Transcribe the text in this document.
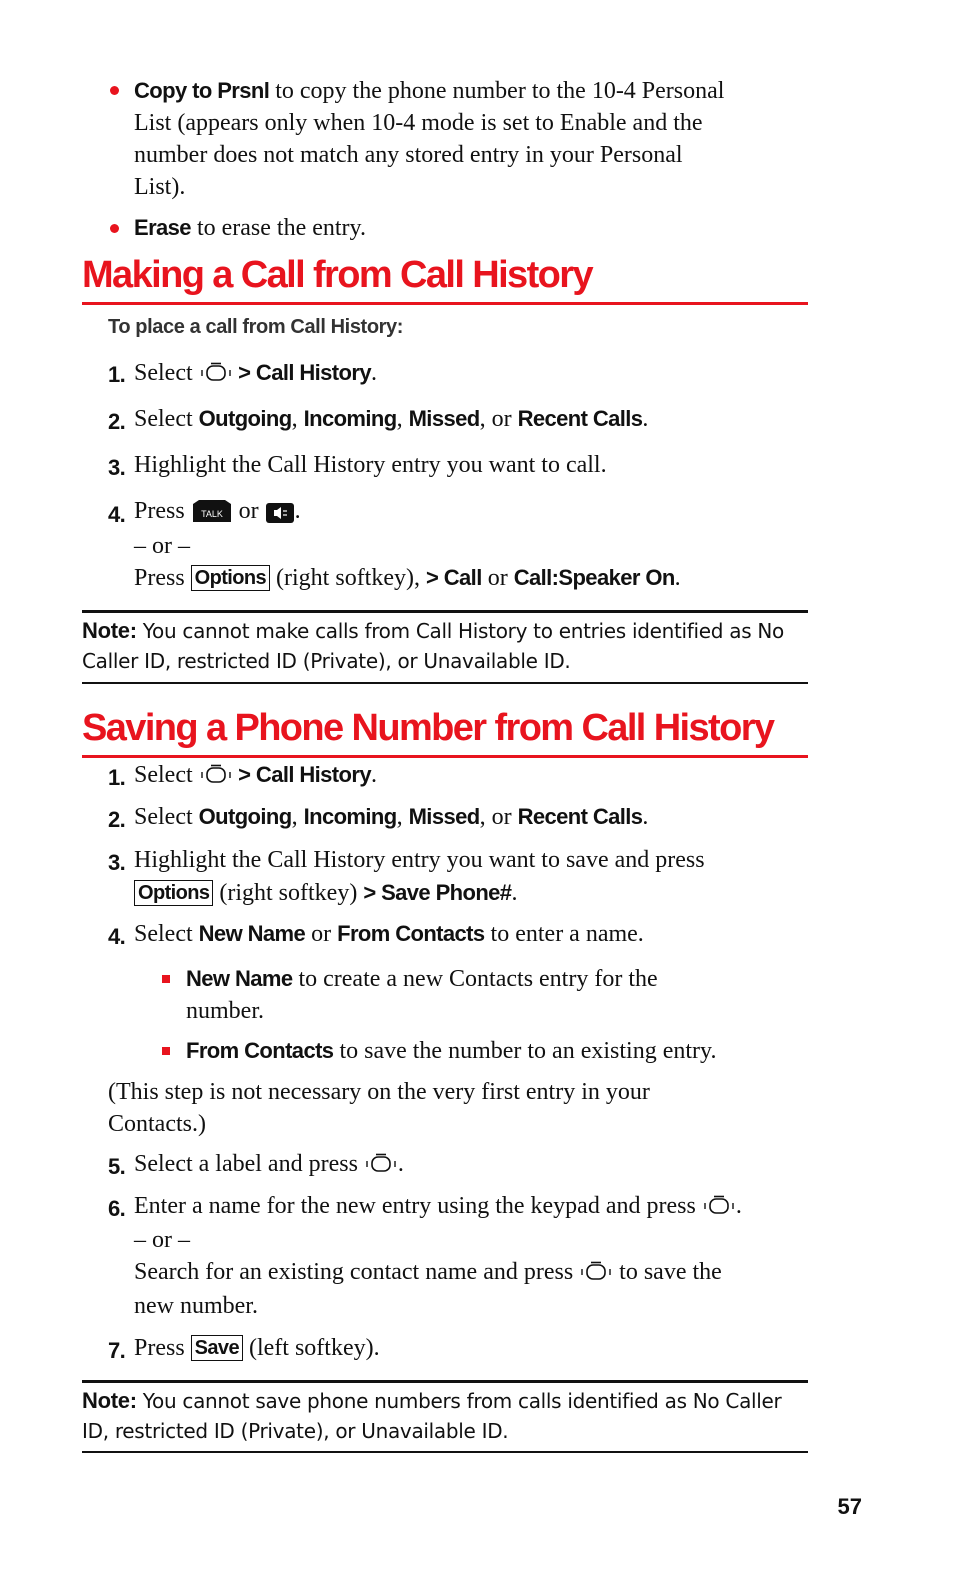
Copy to Prsnl to copy the phone number to the 10-4 Personal
List (appears only when 10-4 mode is set to Enable and the
number does not match any stored entry in your Personal
List).
Erase to erase the entry.
Making a Call from Call History
To place a call from Call History:
1. Select  > Call History.
2. Select Outgoing, Incoming, Missed, or Recent Calls.
3. Highlight the Call History entry you want to call.
4. Press TALK or .
– or –
Press Options (right softkey), > Call or Call:Speaker On.
Note: You cannot make calls from Call History to entries identified as No
Caller ID, restricted ID (Private), or Unavailable ID.
Saving a Phone Number from Call History
1. Select  > Call History.
2. Select Outgoing, Incoming, Missed, or Recent Calls.
3. Highlight the Call History entry you want to save and press
Options (right softkey) > Save Phone#.
4. Select New Name or From Contacts to enter a name.
New Name to create a new Contacts entry for the
number.
From Contacts to save the number to an existing entry.
(This step is not necessary on the very first entry in your
Contacts.)
5. Select a label and press .
6. Enter a name for the new entry using the keypad and press .
– or –
Search for an existing contact name and press  to save the
new number.
7. Press Save (left softkey).
Note: You cannot save phone numbers from calls identified as No Caller
ID, restricted ID (Private), or Unavailable ID.
57
